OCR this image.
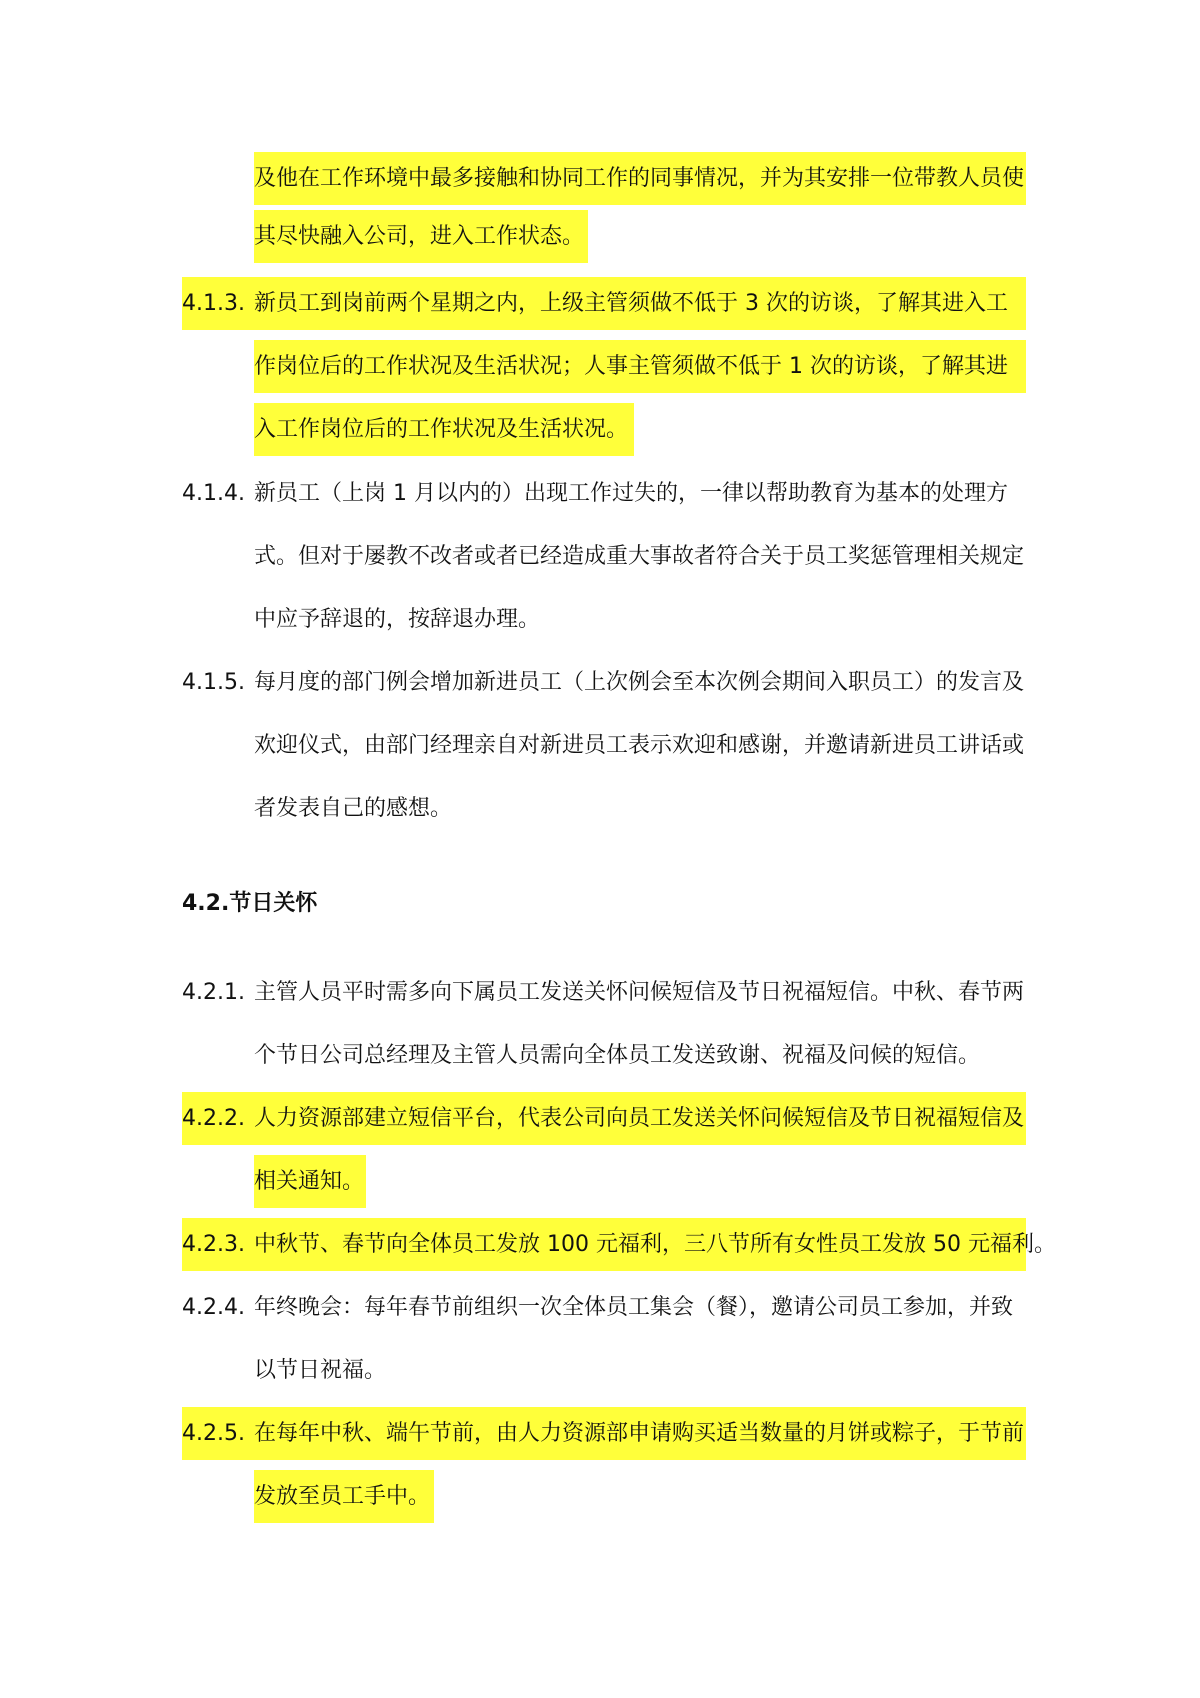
及他在工作环境中最多接触和协同工作的同事情况，并为其安排一位带教人员使
其尽快融入公司，进入工作状态。
4.1.3. 新员工到岗前两个星期之内，上级主管须做不低于 3 次的访谈，了解其进入工
作岗位后的工作状况及生活状况；人事主管须做不低于 1 次的访谈，了解其进
入工作岗位后的工作状况及生活状况。
4.1.4. 新员工（上岗 1 月以内的）出现工作过失的，一律以帮助教育为基本的处理方
式。但对于屡教不改者或者已经造成重大事故者符合关于员工奖惩管理相关规定
中应予辞退的，按辞退办理。
4.1.5. 每月度的部门例会增加新进员工（上次例会至本次例会期间入职员工）的发言及
欢迎仪式，由部门经理亲自对新进员工表示欢迎和感谢，并邀请新进员工讲话或
者发表自己的感想。
4.2.节日关怀
4.2.1. 主管人员平时需多向下属员工发送关怀问候短信及节日祝福短信。中秋、春节两
个节日公司总经理及主管人员需向全体员工发送致谢、祝福及问候的短信。
4.2.2. 人力资源部建立短信平台，代表公司向员工发送关怀问候短信及节日祝福短信及
相关通知。
4.2.3. 中秋节、春节向全体员工发放 100 元福利，三八节所有女性员工发放 50 元福利。
4.2.4. 年终晚会：每年春节前组织一次全体员工集会（餐），邀请公司员工参加，并致
以节日祝福。
4.2.5. 在每年中秋、端午节前，由人力资源部申请购买适当数量的月饼或粽子，于节前
发放至员工手中。
